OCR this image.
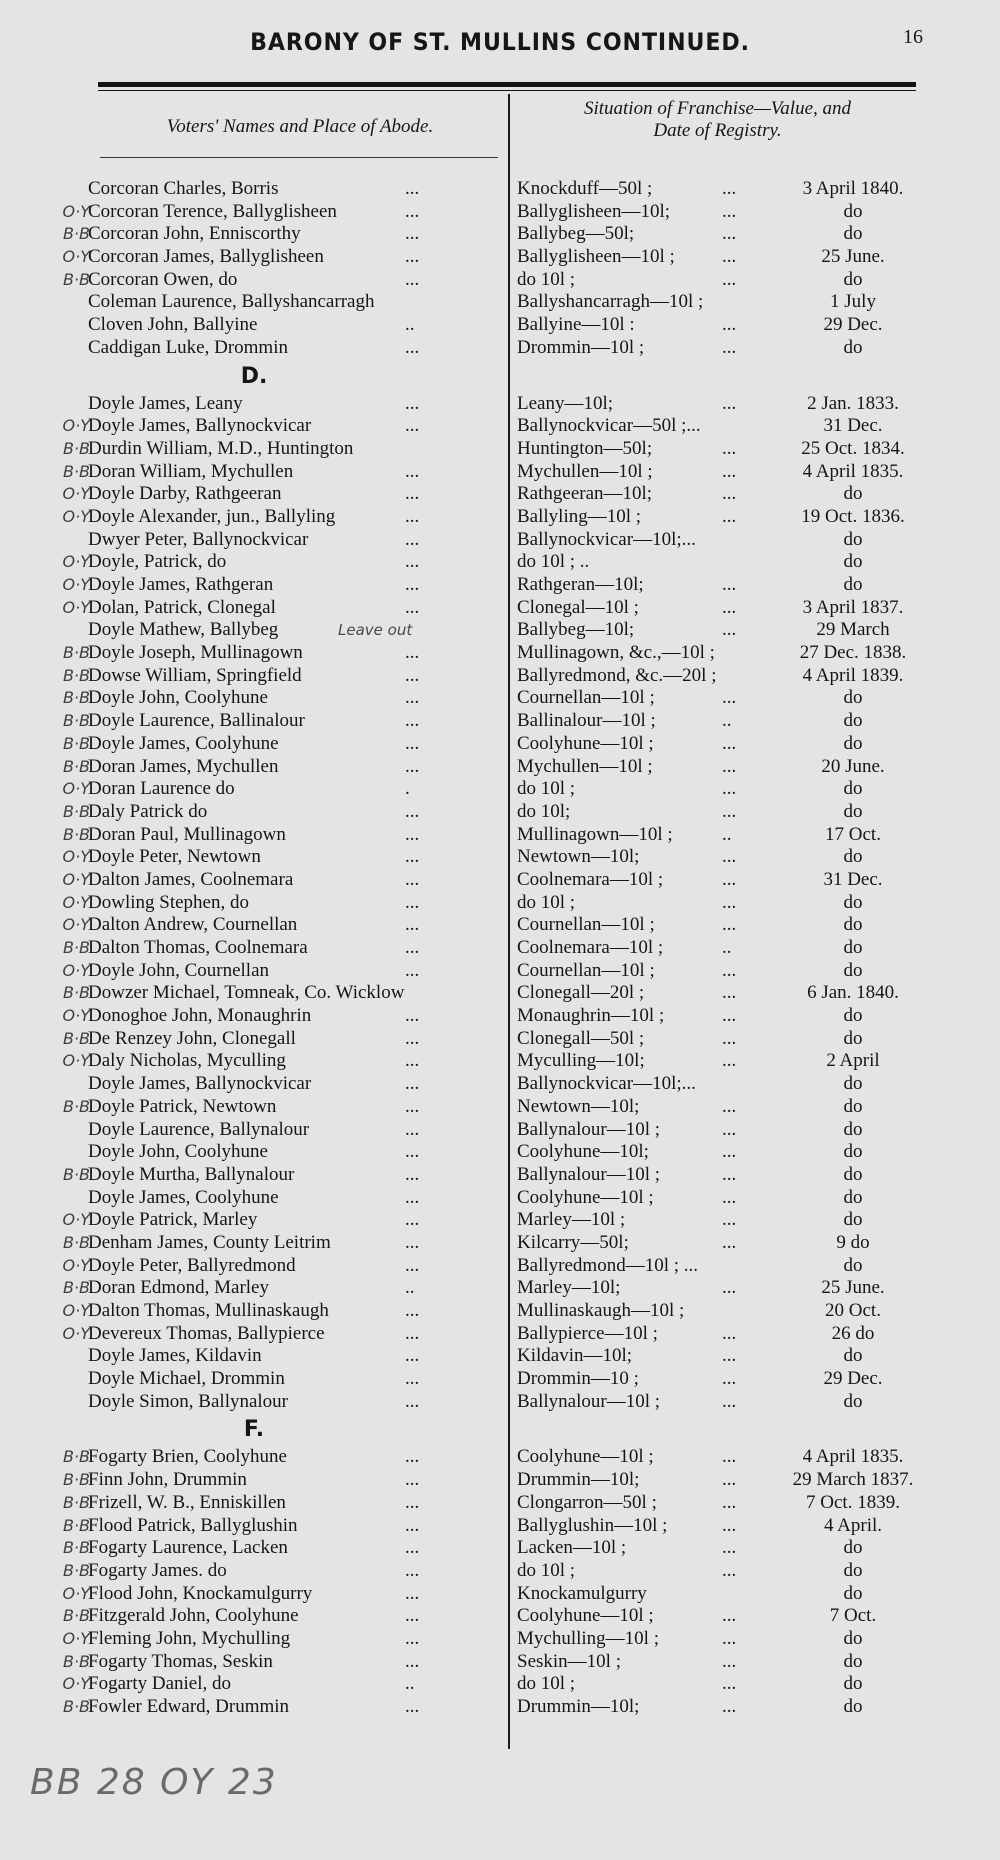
BARONY OF ST. MULLINS CONTINUED.	16
Voters' Names and Place of Abode.
Situation of Franchise—Value, and
Date of Registry.
Corcoran Charles, Borris	...	Knockduff—50l ;	...	3 April 1840.
O·Y
Corcoran Terence, Ballyglisheen	...	Ballyglisheen—10l;	...	do
B·B
Corcoran John, Enniscorthy	...	Ballybeg—50l;	...	do
O·Y
Corcoran James, Ballyglisheen	...	Ballyglisheen—10l ; ...	25 June.
B·B
Corcoran Owen, do	...	do 10l ;	...	do
Coleman Laurence, Ballyshancarragh	Ballyshancarragh—10l ;	1 July
Cloven John, Ballyine	..	Ballyine—10l :	...	29 Dec.
Caddigan Luke, Drommin	...	Drommin—10l ;	...	do
D.
Doyle James, Leany	...	Leany—10l;	...	2 Jan. 1833.
O·Y
Doyle James, Ballynockvicar	...	Ballynockvicar—50l ;...	31 Dec.
B·B
Durdin William, M.D., Huntington	Huntington—50l;	...	25 Oct. 1834.
B·B
Doran William, Mychullen	...	Mychullen—10l ;	...	4 April 1835.
O·Y
Doyle Darby, Rathgeeran	...	Rathgeeran—10l;	...	do
O·Y
Doyle Alexander, jun., Ballyling	...	Ballyling—10l ;	...	19 Oct. 1836.
Dwyer Peter, Ballynockvicar	...	Ballynockvicar—10l;...	do
O·Y
Doyle, Patrick, do	...	do 10l ; ..	do
O·Y
Doyle James, Rathgeran	...	Rathgeran—10l;	...	do
O·Y
Dolan, Patrick, Clonegal	...	Clonegal—10l ;	...	3 April 1837.
Doyle Mathew, Ballybeg	Ballybeg—10l;	...	29 March
Leave out
B·B
Doyle Joseph, Mullinagown	...	Mullinagown, &c.,—10l ;	27 Dec. 1838.
B·B
Dowse William, Springfield	...	Ballyredmond, &c.—20l ;	4 April 1839.
B·B
Doyle John, Coolyhune	...	Cournellan—10l ;	...	do
B·B
Doyle Laurence, Ballinalour	...	Ballinalour—10l ;	..	do
B·B
Doyle James, Coolyhune	...	Coolyhune—10l ;	...	do
B·B
Doran James, Mychullen	...	Mychullen—10l ;	...	20 June.
O·Y
Doran Laurence do	.	do 10l ;	...	do
B·B
Daly Patrick do	...	do 10l;	...	do
B·B
Doran Paul, Mullinagown	...	Mullinagown—10l ;	..	17 Oct.
O·Y
Doyle Peter, Newtown	...	Newtown—10l;	...	do
O·Y
Dalton James, Coolnemara	...	Coolnemara—10l ;	...	31 Dec.
O·Y
Dowling Stephen, do	...	do 10l ;	...	do
O·Y
Dalton Andrew, Cournellan	...	Cournellan—10l ;	...	do
B·B
Dalton Thomas, Coolnemara	...	Coolnemara—10l ;	..	do
O·Y
Doyle John, Cournellan	...	Cournellan—10l ;	...	do
B·B
Dowzer Michael, Tomneak, Co. Wicklow	Clonegall—20l ;	...	6 Jan. 1840.
O·Y
Donoghoe John, Monaughrin	...	Monaughrin—10l ;	...	do
B·B
De Renzey John, Clonegall	...	Clonegall—50l ;	...	do
O·Y
Daly Nicholas, Myculling	...	Myculling—10l;	...	2 April
Doyle James, Ballynockvicar	...	Ballynockvicar—10l;...	do
B·B
Doyle Patrick, Newtown	...	Newtown—10l;	...	do
Doyle Laurence, Ballynalour	...	Ballynalour—10l ;	...	do
Doyle John, Coolyhune	...	Coolyhune—10l;	...	do
B·B
Doyle Murtha, Ballynalour	...	Ballynalour—10l ;	...	do
Doyle James, Coolyhune	...	Coolyhune—10l ;	...	do
O·Y
Doyle Patrick, Marley	...	Marley—10l ;	...	do
B·B
Denham James, County Leitrim	...	Kilcarry—50l;	...	9 do
O·Y
Doyle Peter, Ballyredmond	...	Ballyredmond—10l ; ...	do
B·B
Doran Edmond, Marley	..	Marley—10l;	...	25 June.
O·Y
Dalton Thomas, Mullinaskaugh	...	Mullinaskaugh—10l ;	20 Oct.
O·Y
Devereux Thomas, Ballypierce	...	Ballypierce—10l ;	...	26 do
Doyle James, Kildavin	...	Kildavin—10l;	...	do
Doyle Michael, Drommin	...	Drommin—10 ;	...	29 Dec.
Doyle Simon, Ballynalour	...	Ballynalour—10l ;	...	do
F.
B·B
Fogarty Brien, Coolyhune	...	Coolyhune—10l ;	...	4 April 1835.
B·B
Finn John, Drummin	...	Drummin—10l;	...	29 March 1837.
B·B
Frizell, W. B., Enniskillen	...	Clongarron—50l ;	...	7 Oct. 1839.
B·B
Flood Patrick, Ballyglushin	...	Ballyglushin—10l ;	...	4 April.
B·B
Fogarty Laurence, Lacken	...	Lacken—10l ;	...	do
B·B
Fogarty James. do	...	do 10l ;	...	do
O·Y
Flood John, Knockamulgurry	...	Knockamulgurry	do
B·B
Fitzgerald John, Coolyhune	...	Coolyhune—10l ;	...	7 Oct.
O·Y
Fleming John, Mychulling	...	Mychulling—10l ;	...	do
B·B
Fogarty Thomas, Seskin	...	Seskin—10l ;	...	do
O·Y
Fogarty Daniel, do	..	do 10l ;	...	do
B·B
Fowler Edward, Drummin	...	Drummin—10l;	...	do
BB 28 OY 23
